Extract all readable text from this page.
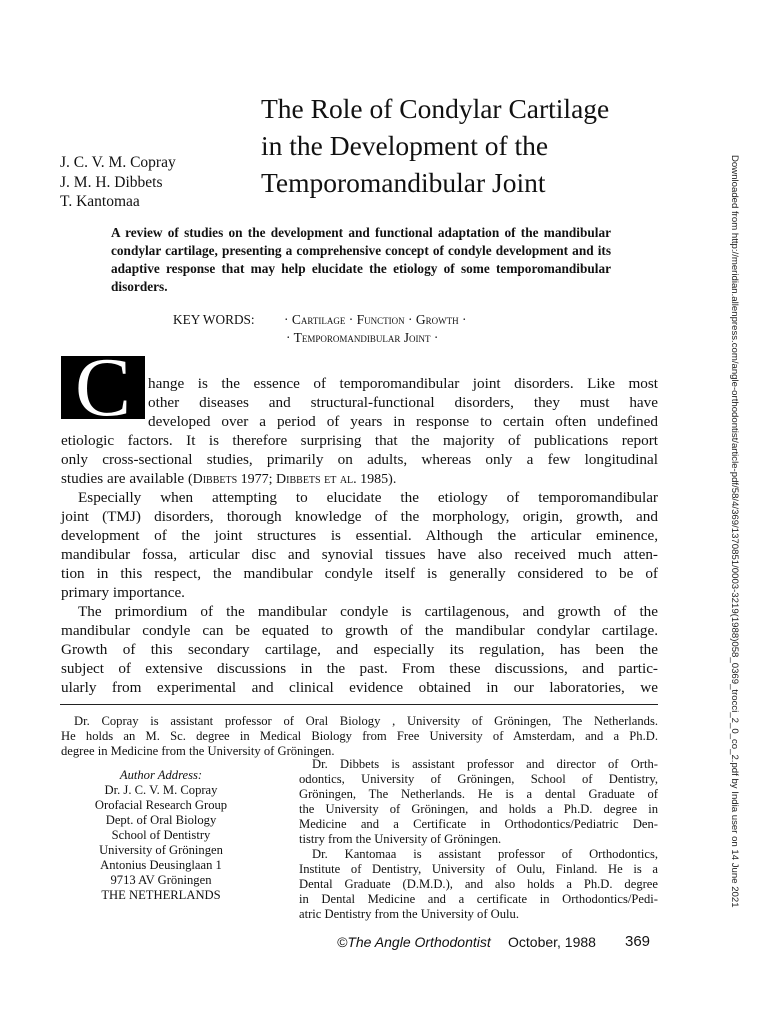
The Role of Condylar Cartilage
in the Development of the
Temporomandibular Joint
J. C. V. M. Copray
J. M. H. Dibbets
T. Kantomaa
A review of studies on the development and functional adaptation of the mandibular condylar cartilage, presenting a comprehensive concept of condyle development and its adaptive response that may help elucidate the etiology of some temporomandibular disorders.
KEY WORDS: · Cartilage · Function · Growth ·
· Temporomandibular Joint ·
C	hange is the essence of temporomandibular joint disorders. Like most
other diseases and structural-functional disorders, they must have
developed over a period of years in response to certain often undefined
etiologic factors. It is therefore surprising that the majority of publications report
only cross-sectional studies, primarily on adults, whereas only a few longitudinal
studies are available (Dibbets 1977; Dibbets et al. 1985).
Especially when attempting to elucidate the etiology of temporomandibular
joint (TMJ) disorders, thorough knowledge of the morphology, origin, growth, and
development of the joint structures is essential. Although the articular eminence,
mandibular fossa, articular disc and synovial tissues have also received much atten-
tion in this respect, the mandibular condyle itself is generally considered to be of
primary importance.
The primordium of the mandibular condyle is cartilagenous, and growth of the
mandibular condyle can be equated to growth of the mandibular condylar cartilage.
Growth of this secondary cartilage, and especially its regulation, has been the
subject of extensive discussions in the past. From these discussions, and partic-
ularly from experimental and clinical evidence obtained in our laboratories, we
Dr. Copray is assistant professor of Oral Biology , University of Gröningen, The Netherlands.
He holds an M. Sc. degree in Medical Biology from Free University of Amsterdam, and a Ph.D.
degree in Medicine from the University of Gröningen.
Dr. Dibbets is assistant professor and director of Orth-
odontics, University of Gröningen, School of Dentistry,
Gröningen, The Netherlands. He is a dental Graduate of
the University of Gröningen, and holds a Ph.D. degree in
Medicine and a Certificate in Orthodontics/Pediatric Den-
tistry from the University of Gröningen.
Dr. Kantomaa is assistant professor of Orthodontics,
Institute of Dentistry, University of Oulu, Finland. He is a
Dental Graduate (D.M.D.), and also holds a Ph.D. degree
in Dental Medicine and a certificate in Orthodontics/Pedi-
atric Dentistry from the University of Oulu.
Author Address:
Dr. J. C. V. M. Copray
Orofacial Research Group
Dept. of Oral Biology
School of Dentistry
University of Gröningen
Antonius Deusinglaan 1
9713 AV Gröningen
THE NETHERLANDS
©The Angle Orthodontist October, 1988 369
Downloaded from http://meridian.allenpress.com/angle-orthodontist/article-pdf/58/4/369/1370851/0003-3219(1988)058_0369_trocci_2_0_co_2.pdf by India user on 14 June 2021
